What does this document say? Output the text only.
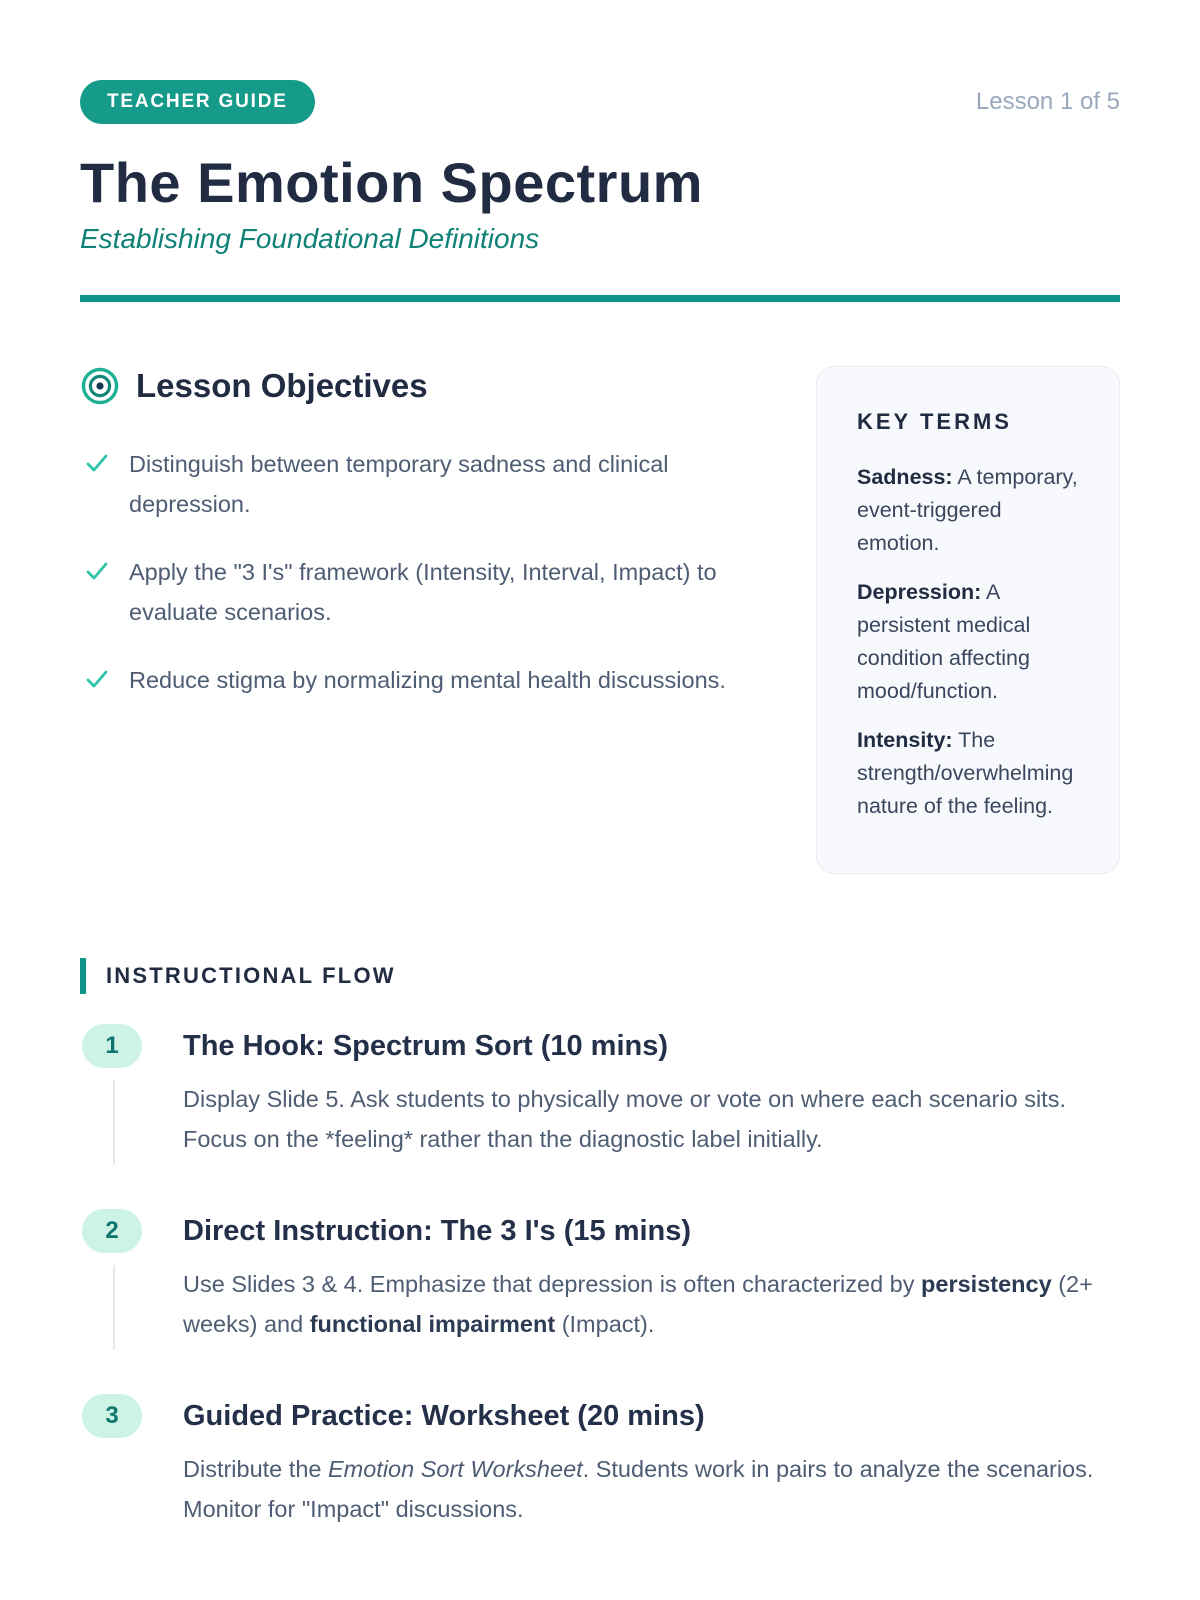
TEACHER GUIDE	Lesson 1 of 5
The Emotion Spectrum
Establishing Foundational Definitions
Lesson Objectives
Distinguish between temporary sadness and clinical depression.
Apply the "3 I's" framework (Intensity, Interval, Impact) to evaluate scenarios.
Reduce stigma by normalizing mental health discussions.
KEY TERMS

Sadness: A temporary, event-triggered emotion.

Depression: A persistent medical condition affecting mood/function.

Intensity: The strength/overwhelming nature of the feeling.

INSTRUCTIONAL FLOW
1	The Hook: Spectrum Sort (10 mins)
Display Slide 5. Ask students to physically move or vote on where each scenario sits. Focus on the *feeling* rather than the diagnostic label initially.
2	Direct Instruction: The 3 I's (15 mins)
Use Slides 3 & 4. Emphasize that depression is often characterized by persistency (2+ weeks) and functional impairment (Impact).
3	Guided Practice: Worksheet (20 mins)
Distribute the Emotion Sort Worksheet. Students work in pairs to analyze the scenarios. Monitor for "Impact" discussions.
